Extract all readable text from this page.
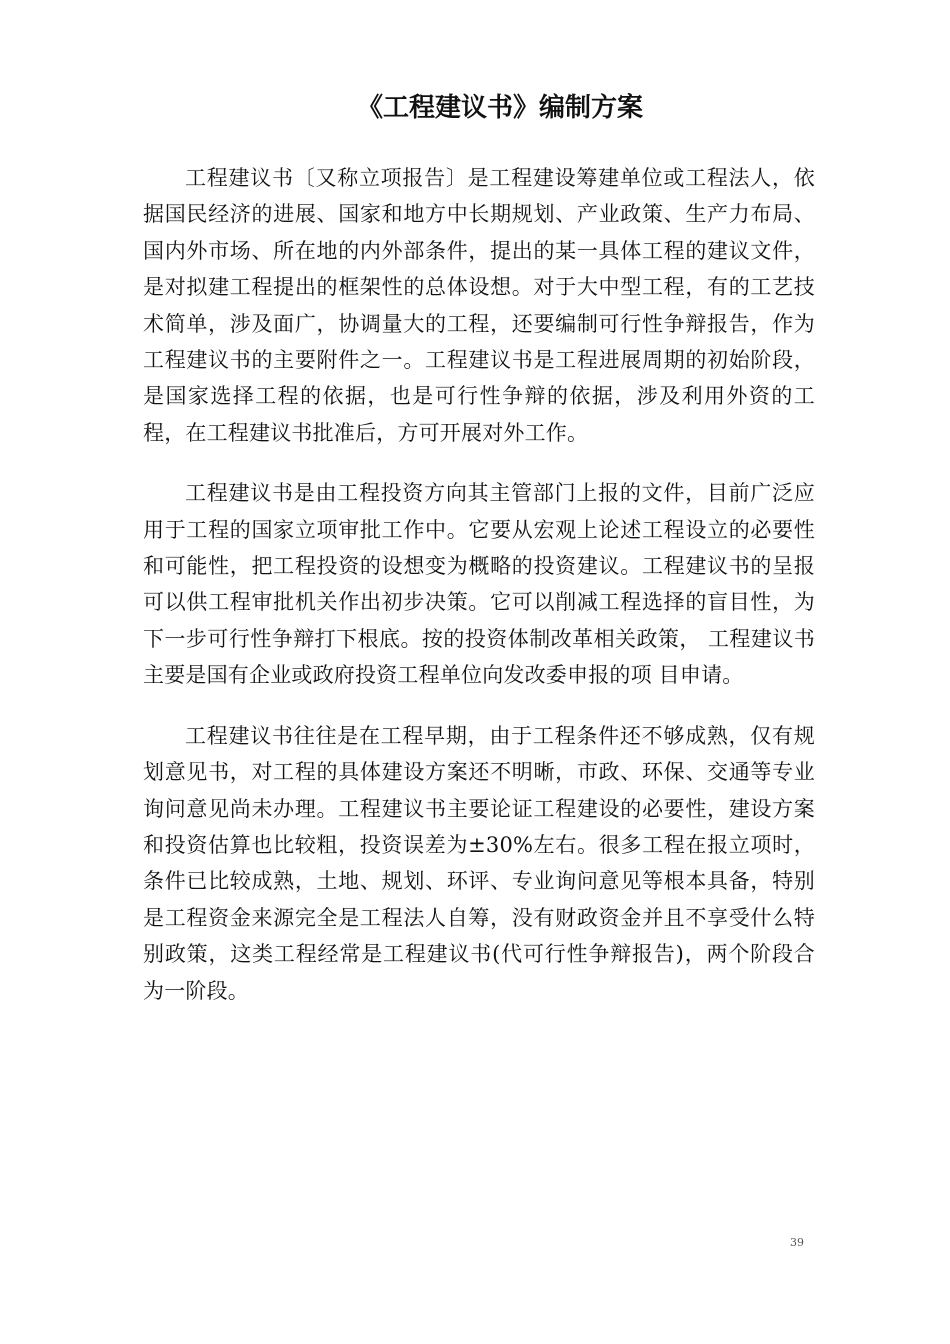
《工程建议书》编制方案

工程建议书〔又称立项报告〕是工程建设筹建单位或工程法人，依据国民经济的进展、国家和地方中长期规划、产业政策、生产力布局、国内外市场、所在地的内外部条件，提出的某一具体工程的建议文件，是对拟建工程提出的框架性的总体设想。对于大中型工程，有的工艺技术简单，涉及面广，协调量大的工程，还要编制可行性争辩报告，作为工程建议书的主要附件之一。工程建议书是工程进展周期的初始阶段，是国家选择工程的依据，也是可行性争辩的依据，涉及利用外资的工程，在工程建议书批准后，方可开展对外工作。

工程建议书是由工程投资方向其主管部门上报的文件，目前广泛应用于工程的国家立项审批工作中。它要从宏观上论述工程设立的必要性和可能性，把工程投资的设想变为概略的投资建议。工程建议书的呈报可以供工程审批机关作出初步决策。它可以削减工程选择的盲目性，为下一步可行性争辩打下根底。按的投资体制改革相关政策， 工程建议书主要是国有企业或政府投资工程单位向发改委申报的项 目申请。

工程建议书往往是在工程早期，由于工程条件还不够成熟，仅有规划意见书，对工程的具体建设方案还不明晰，市政、环保、交通等专业询问意见尚未办理。工程建议书主要论证工程建设的必要性，建设方案和投资估算也比较粗，投资误差为±30%左右。很多工程在报立项时，条件已比较成熟，土地、规划、环评、专业询问意见等根本具备，特别是工程资金来源完全是工程法人自筹，没有财政资金并且不享受什么特别政策，这类工程经常是工程建议书(代可行性争辩报告)，两个阶段合为一阶段。

39
